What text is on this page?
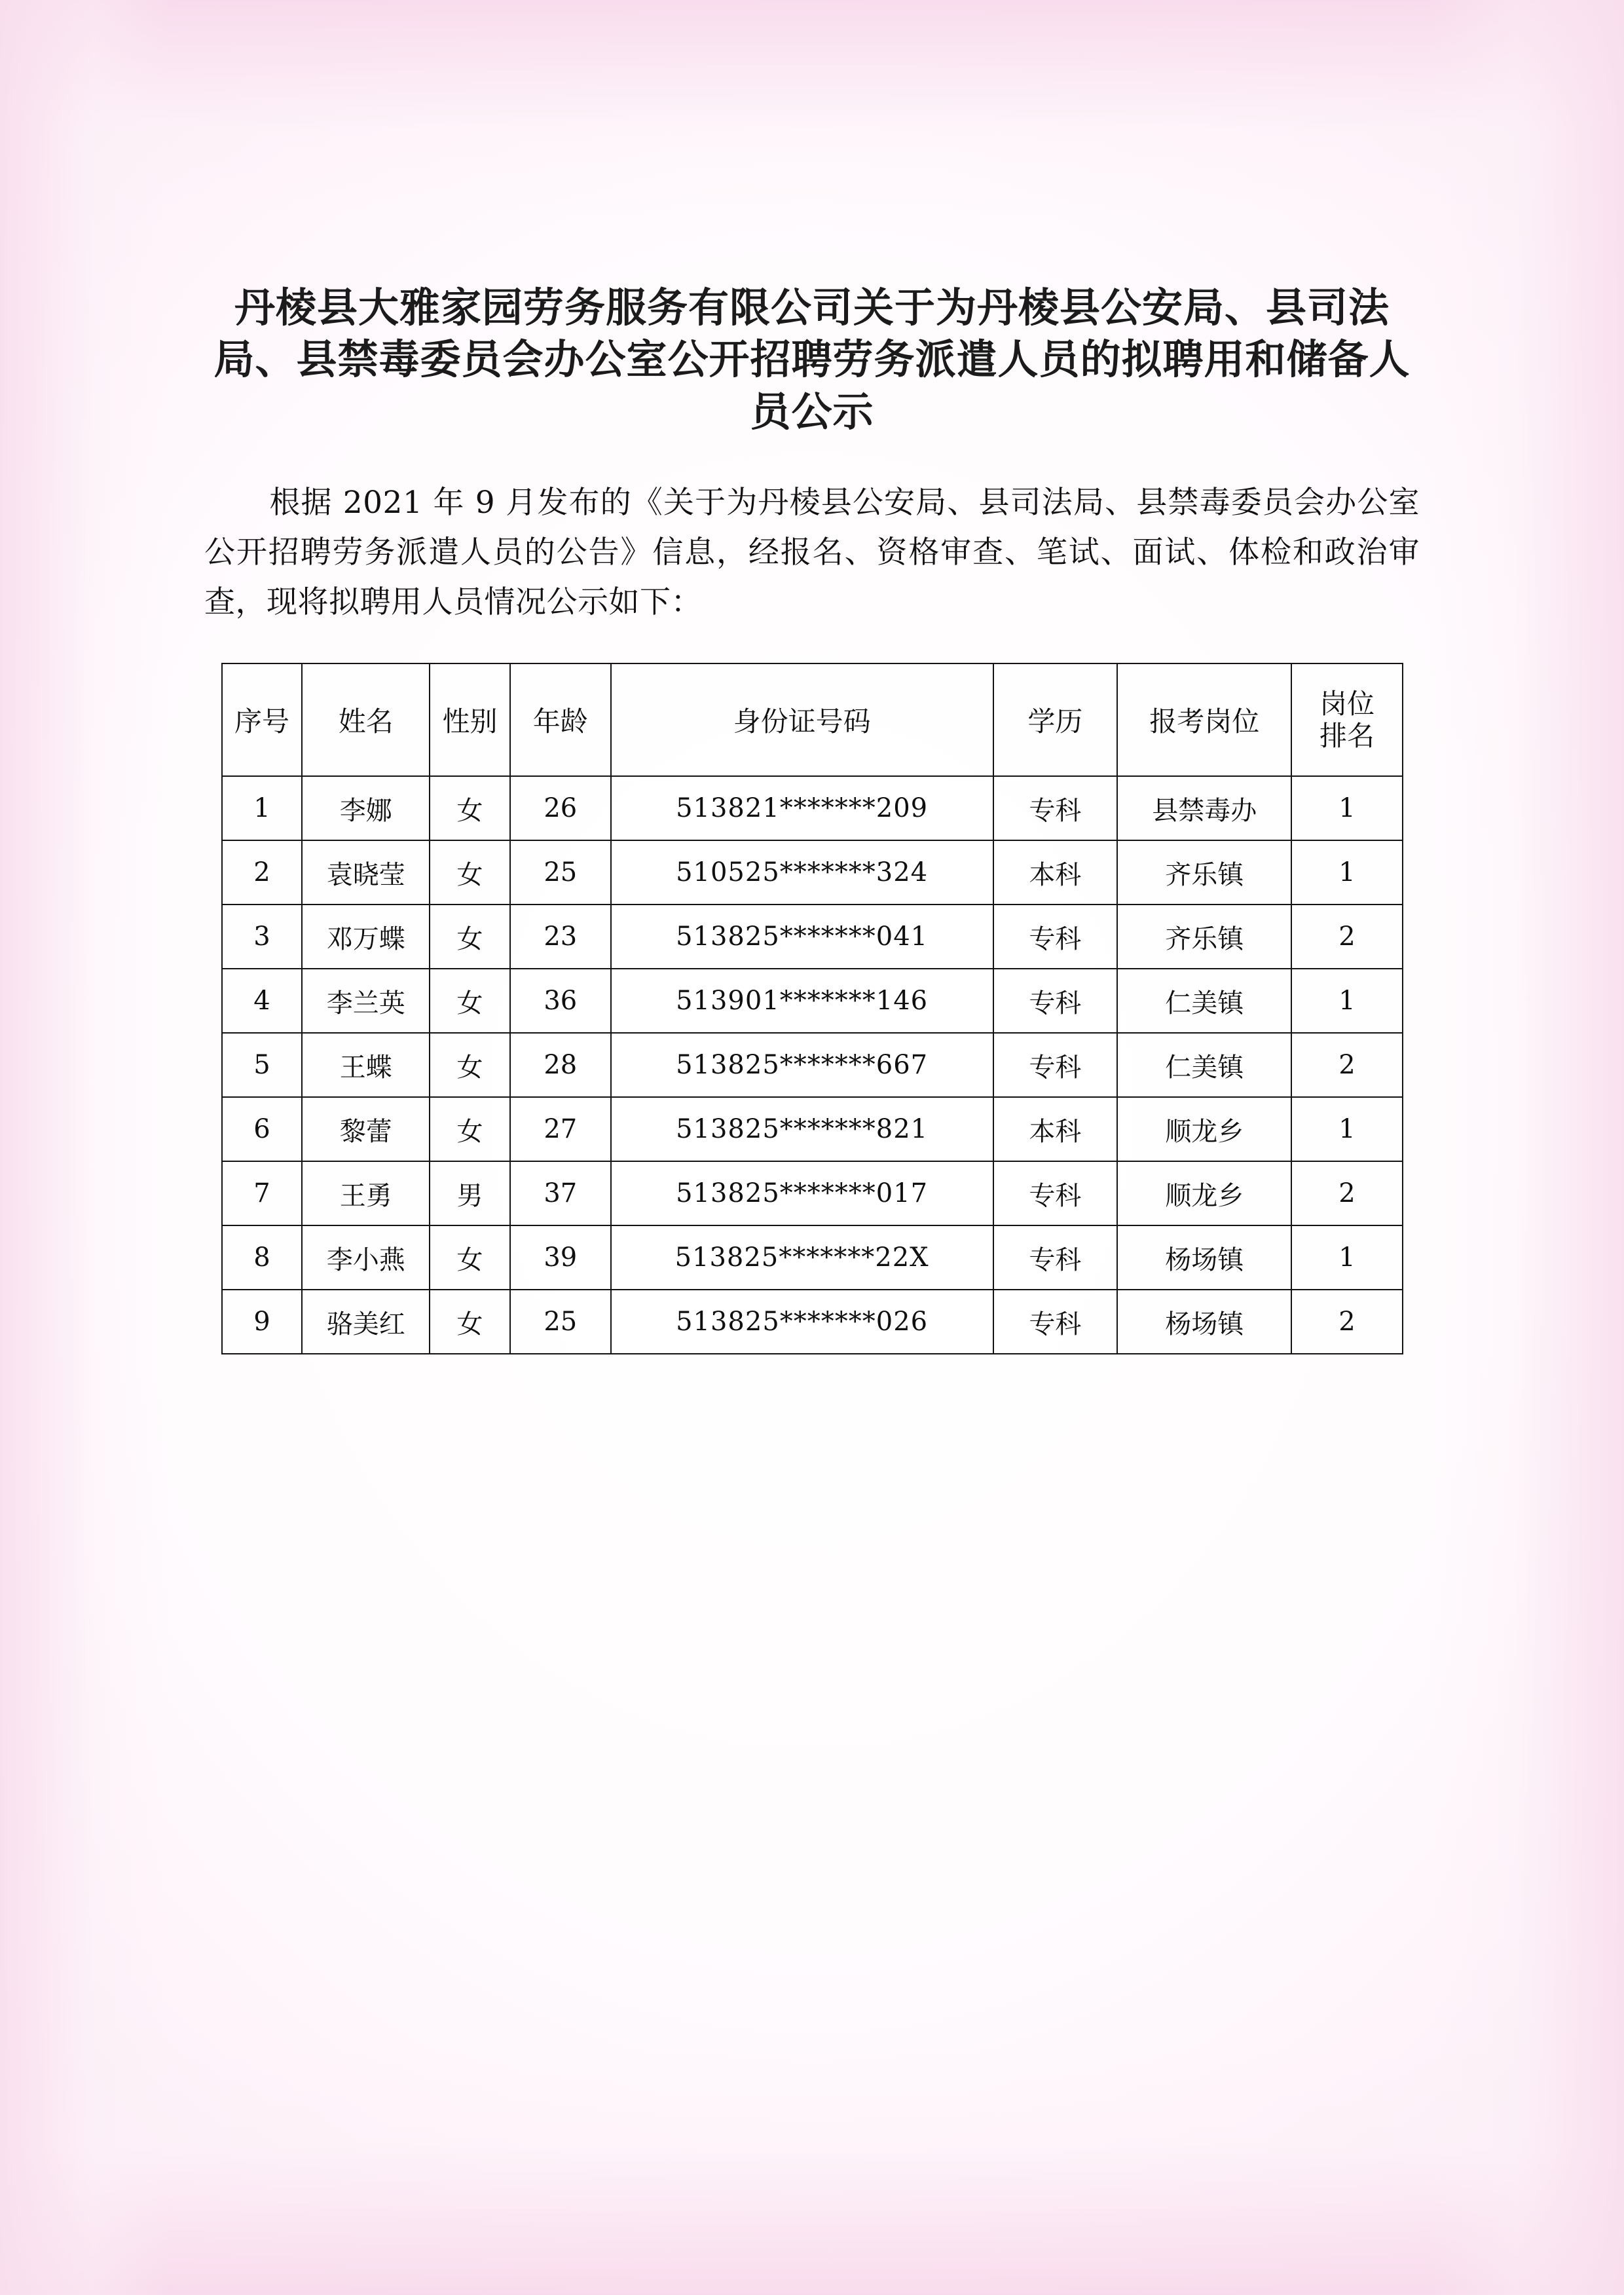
丹棱县大雅家园劳务服务有限公司关于为丹棱县公安局、县司法局、县禁毒委员会办公室公开招聘劳务派遣人员的拟聘用和储备人员公示

根据 2021 年 9 月发布的《关于为丹棱县公安局、县司法局、县禁毒委员会办公室公开招聘劳务派遣人员的公告》信息，经报名、资格审查、笔试、面试、体检和政治审查，现将拟聘用人员情况公示如下：

序号	姓名	性别	年龄	身份证号码	学历	报考岗位	岗位
排名

1	李娜	女	26	513821*******209	专科	县禁毒办	1
2	袁晓莹	女	25	510525*******324	本科	齐乐镇	1
3	邓万蝶	女	23	513825*******041	专科	齐乐镇	2
4	李兰英	女	36	513901*******146	专科	仁美镇	1
5	王蝶	女	28	513825*******667	专科	仁美镇	2
6	黎蕾	女	27	513825*******821	本科	顺龙乡	1
7	王勇	男	37	513825*******017	专科	顺龙乡	2
8	李小燕	女	39	513825*******22X	专科	杨场镇	1
9	骆美红	女	25	513825*******026	专科	杨场镇	2
